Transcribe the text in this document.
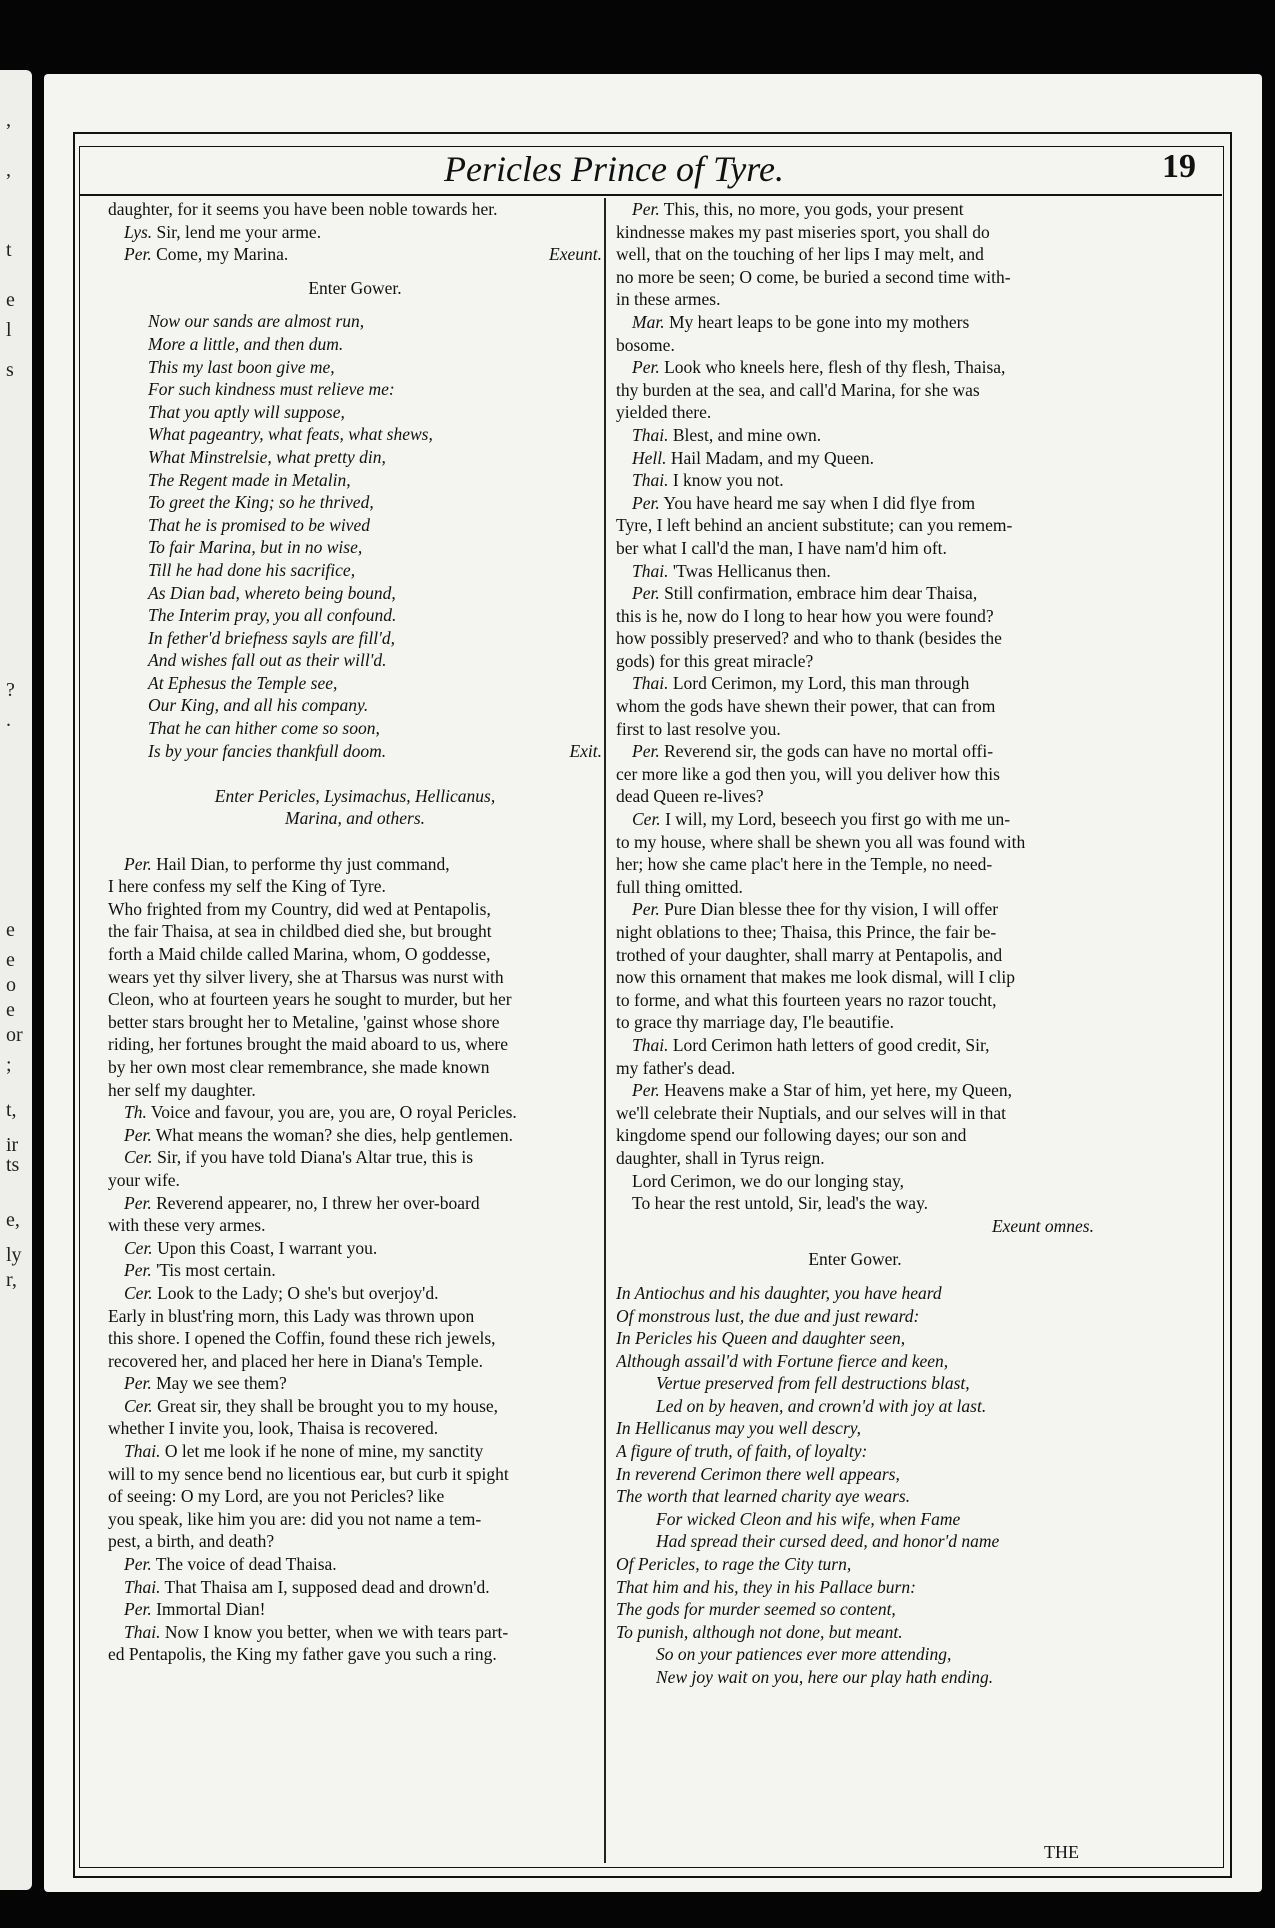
,
,
t
e
l
s
?
.
e
e
o
e
or
;
t,
ir
ts
e,
ly
r,
Pericles Prince of Tyre.	19
daughter, for it seems you have been noble towards her.
Lys. Sir, lend me your arme.
Exeunt.
Per. Come, my Marina.
Enter Gower.
Now our sands are almost run,
More a little, and then dum.
This my last boon give me,
For such kindness must relieve me:
That you aptly will suppose,
What pageantry, what feats, what shews,
What Minstrelsie, what pretty din,
The Regent made in Metalin,
To greet the King; so he thrived,
That he is promised to be wived
To fair Marina, but in no wise,
Till he had done his sacrifice,
As Dian bad, whereto being bound,
The Interim pray, you all confound.
In fether'd briefness sayls are fill'd,
And wishes fall out as their will'd.
At Ephesus the Temple see,
Our King, and all his company.
That he can hither come so soon,
Exit.
Is by your fancies thankfull doom.
Enter Pericles, Lysimachus, Hellicanus,
Marina, and others.
Per. Hail Dian, to performe thy just command,
I here confess my self the King of Tyre.
Who frighted from my Country, did wed at Pentapolis,
the fair Thaisa, at sea in childbed died she, but brought
forth a Maid childe called Marina, whom, O goddesse,
wears yet thy silver livery, she at Tharsus was nurst with
Cleon, who at fourteen years he sought to murder, but her
better stars brought her to Metaline, 'gainst whose shore
riding, her fortunes brought the maid aboard to us, where
by her own most clear remembrance, she made known
her self my daughter.
Th. Voice and favour, you are, you are, O royal Pericles.
Per. What means the woman? she dies, help gentlemen.
Cer. Sir, if you have told Diana's Altar true, this is
your wife.
Per. Reverend appearer, no, I threw her over-board
with these very armes.
Cer. Upon this Coast, I warrant you.
Per. 'Tis most certain.
Cer. Look to the Lady; O she's but overjoy'd.
Early in blust'ring morn, this Lady was thrown upon
this shore. I opened the Coffin, found these rich jewels,
recovered her, and placed her here in Diana's Temple.
Per. May we see them?
Cer. Great sir, they shall be brought you to my house,
whether I invite you, look, Thaisa is recovered.
Thai. O let me look if he none of mine, my sanctity
will to my sence bend no licentious ear, but curb it spight
of seeing: O my Lord, are you not Pericles? like
you speak, like him you are: did you not name a tem-
pest, a birth, and death?
Per. The voice of dead Thaisa.
Thai. That Thaisa am I, supposed dead and drown'd.
Per. Immortal Dian!
Thai. Now I know you better, when we with tears part-
ed Pentapolis, the King my father gave you such a ring.
Per. This, this, no more, you gods, your present
kindnesse makes my past miseries sport, you shall do
well, that on the touching of her lips I may melt, and
no more be seen; O come, be buried a second time with-
in these armes.
Mar. My heart leaps to be gone into my mothers
bosome.
Per. Look who kneels here, flesh of thy flesh, Thaisa,
thy burden at the sea, and call'd Marina, for she was
yielded there.
Thai. Blest, and mine own.
Hell. Hail Madam, and my Queen.
Thai. I know you not.
Per. You have heard me say when I did flye from
Tyre, I left behind an ancient substitute; can you remem-
ber what I call'd the man, I have nam'd him oft.
Thai. 'Twas Hellicanus then.
Per. Still confirmation, embrace him dear Thaisa,
this is he, now do I long to hear how you were found?
how possibly preserved? and who to thank (besides the
gods) for this great miracle?
Thai. Lord Cerimon, my Lord, this man through
whom the gods have shewn their power, that can from
first to last resolve you.
Per. Reverend sir, the gods can have no mortal offi-
cer more like a god then you, will you deliver how this
dead Queen re-lives?
Cer. I will, my Lord, beseech you first go with me un-
to my house, where shall be shewn you all was found with
her; how she came plac't here in the Temple, no need-
full thing omitted.
Per. Pure Dian blesse thee for thy vision, I will offer
night oblations to thee; Thaisa, this Prince, the fair be-
trothed of your daughter, shall marry at Pentapolis, and
now this ornament that makes me look dismal, will I clip
to forme, and what this fourteen years no razor toucht,
to grace thy marriage day, I'le beautifie.
Thai. Lord Cerimon hath letters of good credit, Sir,
my father's dead.
Per. Heavens make a Star of him, yet here, my Queen,
we'll celebrate their Nuptials, and our selves will in that
kingdome spend our following dayes; our son and
daughter, shall in Tyrus reign.
Lord Cerimon, we do our longing stay,
To hear the rest untold, Sir, lead's the way.
Exeunt omnes.
Enter Gower.
In Antiochus and his daughter, you have heard
Of monstrous lust, the due and just reward:
In Pericles his Queen and daughter seen,
Although assail'd with Fortune fierce and keen,
Vertue preserved from fell destructions blast,
Led on by heaven, and crown'd with joy at last.
In Hellicanus may you well descry,
A figure of truth, of faith, of loyalty:
In reverend Cerimon there well appears,
The worth that learned charity aye wears.
For wicked Cleon and his wife, when Fame
Had spread their cursed deed, and honor'd name
Of Pericles, to rage the City turn,
That him and his, they in his Pallace burn:
The gods for murder seemed so content,
To punish, although not done, but meant.
So on your patiences ever more attending,
New joy wait on you, here our play hath ending.
THE
